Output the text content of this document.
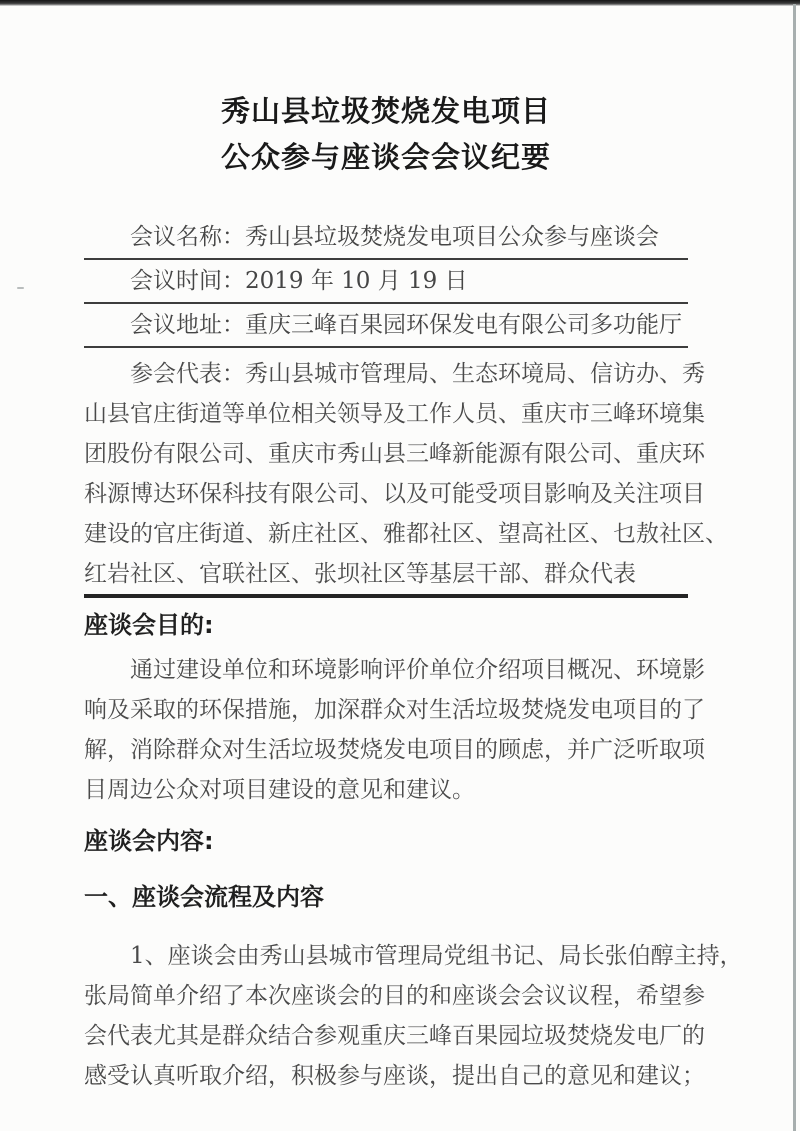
秀山县垃圾焚烧发电项目
公众参与座谈会会议纪要
会议名称：秀山县垃圾焚烧发电项目公众参与座谈会
会议时间：2019 年 10 月 19 日
会议地址：重庆三峰百果园环保发电有限公司多功能厅
参会代表：秀山县城市管理局、生态环境局、信访办、秀
山县官庄街道等单位相关领导及工作人员、重庆市三峰环境集
团股份有限公司、重庆市秀山县三峰新能源有限公司、重庆环
科源博达环保科技有限公司、以及可能受项目影响及关注项目
建设的官庄街道、新庄社区、雅都社区、望高社区、乜敖社区、
红岩社区、官联社区、张坝社区等基层干部、群众代表
座谈会目的:
通过建设单位和环境影响评价单位介绍项目概况、环境影
响及采取的环保措施，加深群众对生活垃圾焚烧发电项目的了
解，消除群众对生活垃圾焚烧发电项目的顾虑，并广泛听取项
目周边公众对项目建设的意见和建议。
座谈会内容:
一、座谈会流程及内容
1、座谈会由秀山县城市管理局党组书记、局长张伯醇主持，
张局简单介绍了本次座谈会的目的和座谈会会议议程，希望参
会代表尤其是群众结合参观重庆三峰百果园垃圾焚烧发电厂的
感受认真听取介绍，积极参与座谈，提出自己的意见和建议；
